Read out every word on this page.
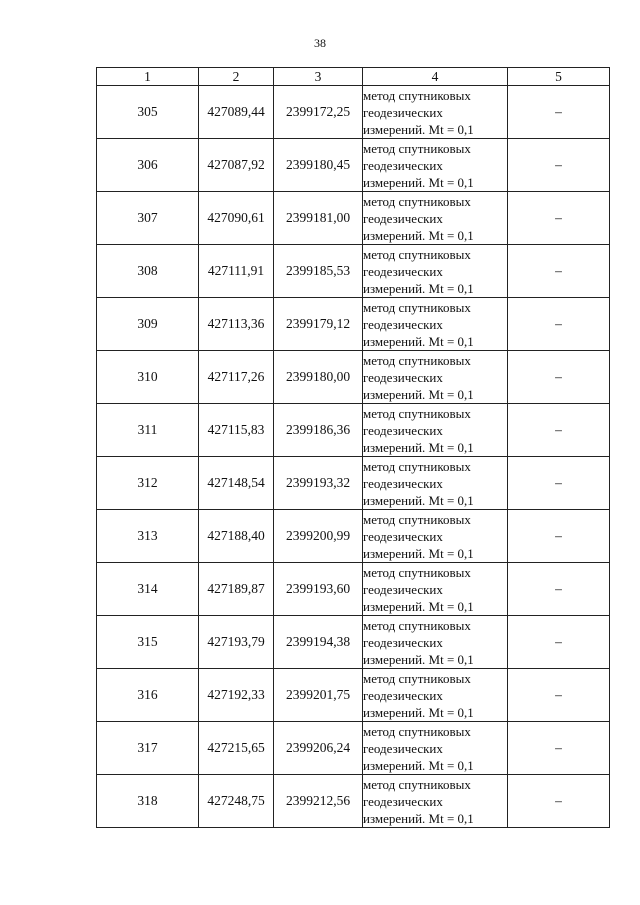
38
1	2	3	4	5
305	427089,44	2399172,25	метод спутниковых
геодезических
измерений. Mt = 0,1	–
306	427087,92	2399180,45	метод спутниковых
геодезических
измерений. Mt = 0,1	–
307	427090,61	2399181,00	метод спутниковых
геодезических
измерений. Mt = 0,1	–
308	427111,91	2399185,53	метод спутниковых
геодезических
измерений. Mt = 0,1	–
309	427113,36	2399179,12	метод спутниковых
геодезических
измерений. Mt = 0,1	–
310	427117,26	2399180,00	метод спутниковых
геодезических
измерений. Mt = 0,1	–
311	427115,83	2399186,36	метод спутниковых
геодезических
измерений. Mt = 0,1	–
312	427148,54	2399193,32	метод спутниковых
геодезических
измерений. Mt = 0,1	–
313	427188,40	2399200,99	метод спутниковых
геодезических
измерений. Mt = 0,1	–
314	427189,87	2399193,60	метод спутниковых
геодезических
измерений. Mt = 0,1	–
315	427193,79	2399194,38	метод спутниковых
геодезических
измерений. Mt = 0,1	–
316	427192,33	2399201,75	метод спутниковых
геодезических
измерений. Mt = 0,1	–
317	427215,65	2399206,24	метод спутниковых
геодезических
измерений. Mt = 0,1	–
318	427248,75	2399212,56	метод спутниковых
геодезических
измерений. Mt = 0,1	–
